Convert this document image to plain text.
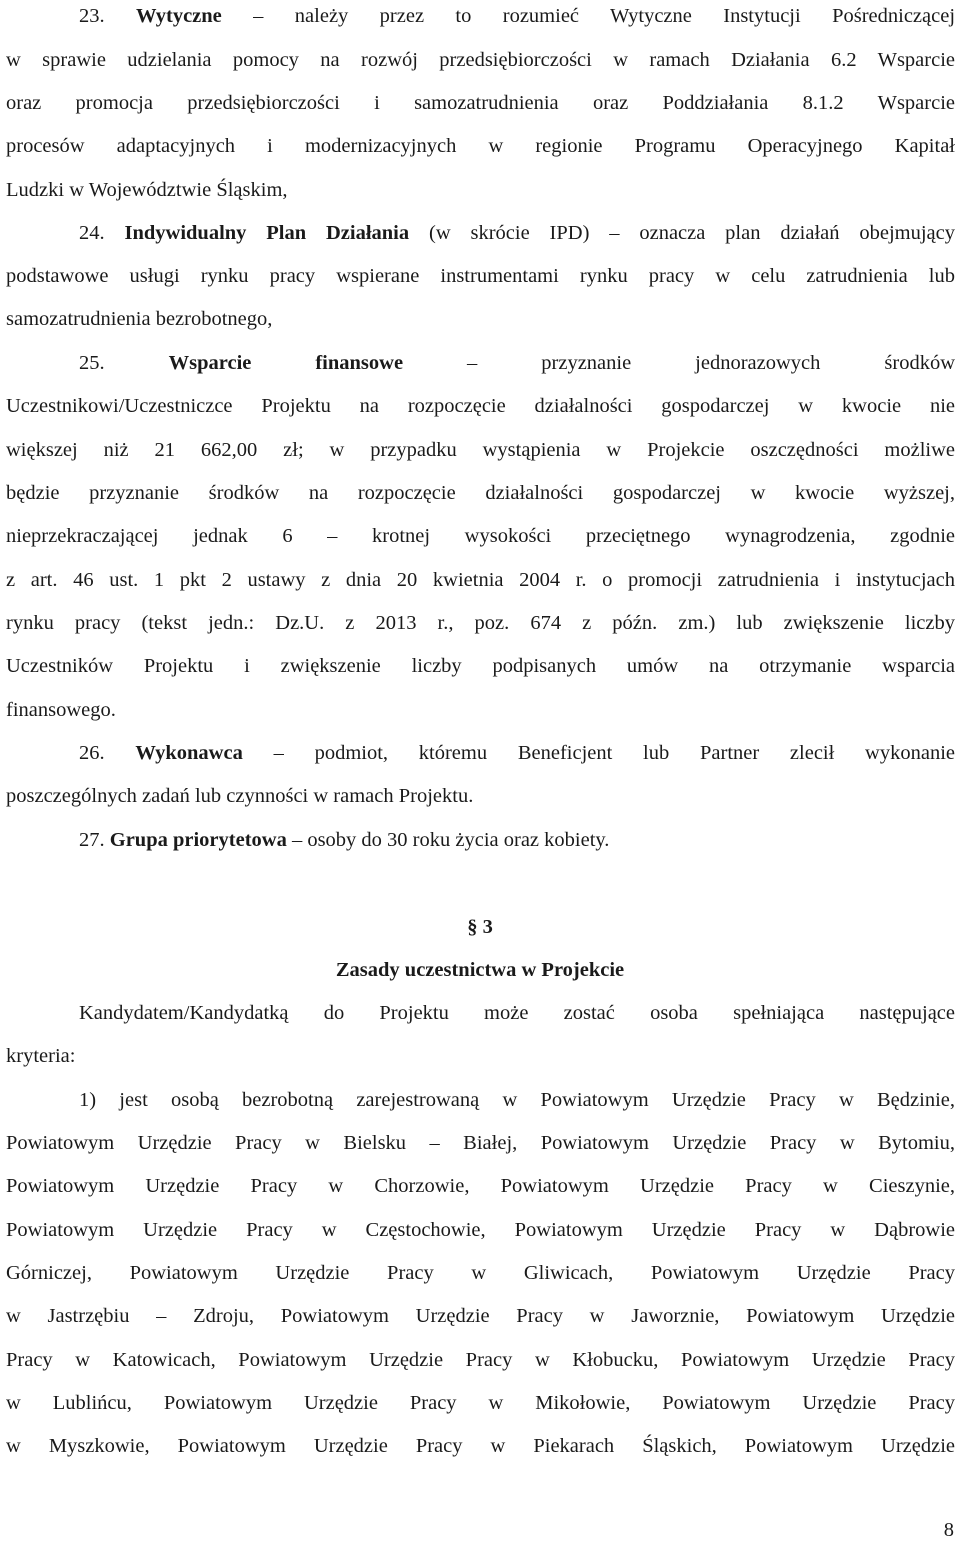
23. Wytyczne – należy przez to rozumieć Wytyczne Instytucji Pośredniczącej
w sprawie udzielania pomocy na rozwój przedsiębiorczości w ramach Działania 6.2 Wsparcie
oraz promocja przedsiębiorczości i samozatrudnienia oraz Poddziałania 8.1.2 Wsparcie
procesów adaptacyjnych i modernizacyjnych w regionie Programu Operacyjnego Kapitał
Ludzki w Województwie Śląskim,
24. Indywidualny Plan Działania (w skrócie IPD) – oznacza plan działań obejmujący
podstawowe usługi rynku pracy wspierane instrumentami rynku pracy w celu zatrudnienia lub
samozatrudnienia bezrobotnego,
25.	Wsparcie finansowe	– przyznanie jednorazowych środków
Uczestnikowi/Uczestniczce Projektu na rozpoczęcie działalności gospodarczej w kwocie nie
większej niż 21 662,00 zł; w przypadku wystąpienia w Projekcie oszczędności możliwe
będzie przyznanie środków na rozpoczęcie działalności gospodarczej w kwocie wyższej,
nieprzekraczającej jednak 6 – krotnej wysokości przeciętnego wynagrodzenia, zgodnie
z art. 46 ust. 1 pkt 2 ustawy z dnia 20 kwietnia 2004 r. o promocji zatrudnienia i instytucjach
rynku pracy (tekst jedn.: Dz.U. z 2013 r., poz. 674 z późn. zm.) lub zwiększenie liczby
Uczestników Projektu i zwiększenie liczby podpisanych umów na otrzymanie wsparcia
finansowego.
26. Wykonawca – podmiot, któremu Beneficjent lub Partner zlecił wykonanie
poszczególnych zadań lub czynności w ramach Projektu.
27. Grupa priorytetowa – osoby do 30 roku życia oraz kobiety.
§ 3
Zasady uczestnictwa w Projekcie
Kandydatem/Kandydatką do Projektu może zostać osoba spełniająca następujące
kryteria:
1) jest osobą bezrobotną zarejestrowaną w Powiatowym Urzędzie Pracy w Będzinie,
Powiatowym Urzędzie Pracy w Bielsku – Białej, Powiatowym Urzędzie Pracy w Bytomiu,
Powiatowym Urzędzie Pracy w Chorzowie, Powiatowym Urzędzie Pracy w Cieszynie,
Powiatowym Urzędzie Pracy w Częstochowie, Powiatowym Urzędzie Pracy w Dąbrowie
Górniczej, Powiatowym Urzędzie Pracy w Gliwicach, Powiatowym Urzędzie Pracy
w Jastrzębiu – Zdroju, Powiatowym Urzędzie Pracy w Jaworznie, Powiatowym Urzędzie
Pracy w Katowicach, Powiatowym Urzędzie Pracy w Kłobucku, Powiatowym Urzędzie Pracy
w Lublińcu, Powiatowym Urzędzie Pracy w Mikołowie, Powiatowym Urzędzie Pracy
w Myszkowie, Powiatowym Urzędzie Pracy w Piekarach Śląskich, Powiatowym Urzędzie
8
